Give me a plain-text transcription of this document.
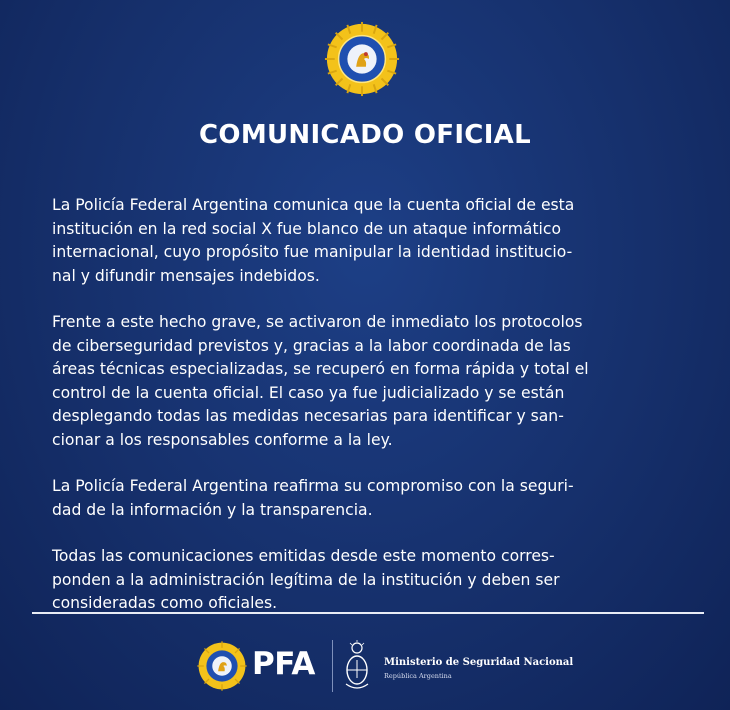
COMUNICADO OFICIAL

La Policía Federal Argentina comunica que la cuenta oficial de esta
institución en la red social X fue blanco de un ataque informático
internacional, cuyo propósito fue manipular la identidad institucio-
nal y difundir mensajes indebidos.

Frente a este hecho grave, se activaron de inmediato los protocolos
de ciberseguridad previstos y, gracias a la labor coordinada de las
áreas técnicas especializadas, se recuperó en forma rápida y total el
control de la cuenta oficial. El caso ya fue judicializado y se están
desplegando todas las medidas necesarias para identificar y san-
cionar a los responsables conforme a la ley.

La Policía Federal Argentina reafirma su compromiso con la seguri-
dad de la información y la transparencia.

Todas las comunicaciones emitidas desde este momento corres-
ponden a la administración legítima de la institución y deben ser
consideradas como oficiales.

PFA	Ministerio de Seguridad Nacional
República Argentina
